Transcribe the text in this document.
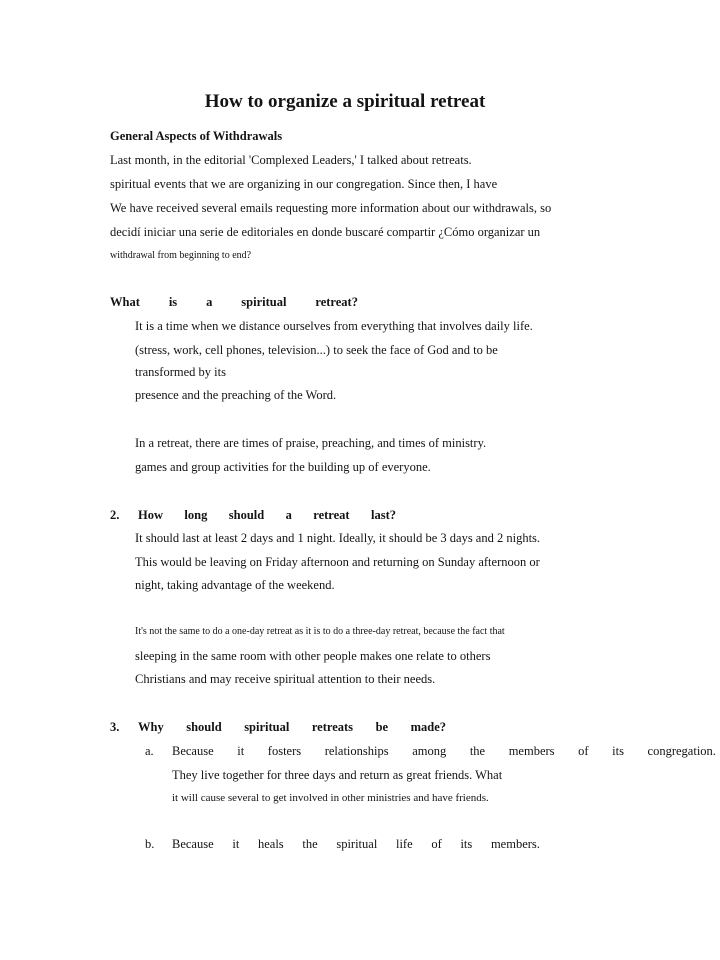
How to organize a spiritual retreat
General Aspects of Withdrawals
Last month, in the editorial 'Complexed Leaders,' I talked about retreats.
spiritual events that we are organizing in our congregation. Since then, I have
We have received several emails requesting more information about our withdrawals, so
decidí iniciar una serie de editoriales en donde buscaré compartir ¿Cómo organizar un
withdrawal from beginning to end?
What is a spiritual retreat?
It is a time when we distance ourselves from everything that involves daily life.
(stress, work, cell phones, television...) to seek the face of God and to be
transformed by its
presence and the preaching of the Word.
In a retreat, there are times of praise, preaching, and times of ministry.
games and group activities for the building up of everyone.
2. How long should a retreat last?
It should last at least 2 days and 1 night. Ideally, it should be 3 days and 2 nights.
This would be leaving on Friday afternoon and returning on Sunday afternoon or
night, taking advantage of the weekend.
It's not the same to do a one-day retreat as it is to do a three-day retreat, because the fact that
sleeping in the same room with other people makes one relate to others
Christians and may receive spiritual attention to their needs.
3. Why should spiritual retreats be made?
a. Because it fosters relationships among the members of its congregation.
They live together for three days and return as great friends. What
it will cause several to get involved in other ministries and have friends.
b. Because it heals the spiritual life of its members.
